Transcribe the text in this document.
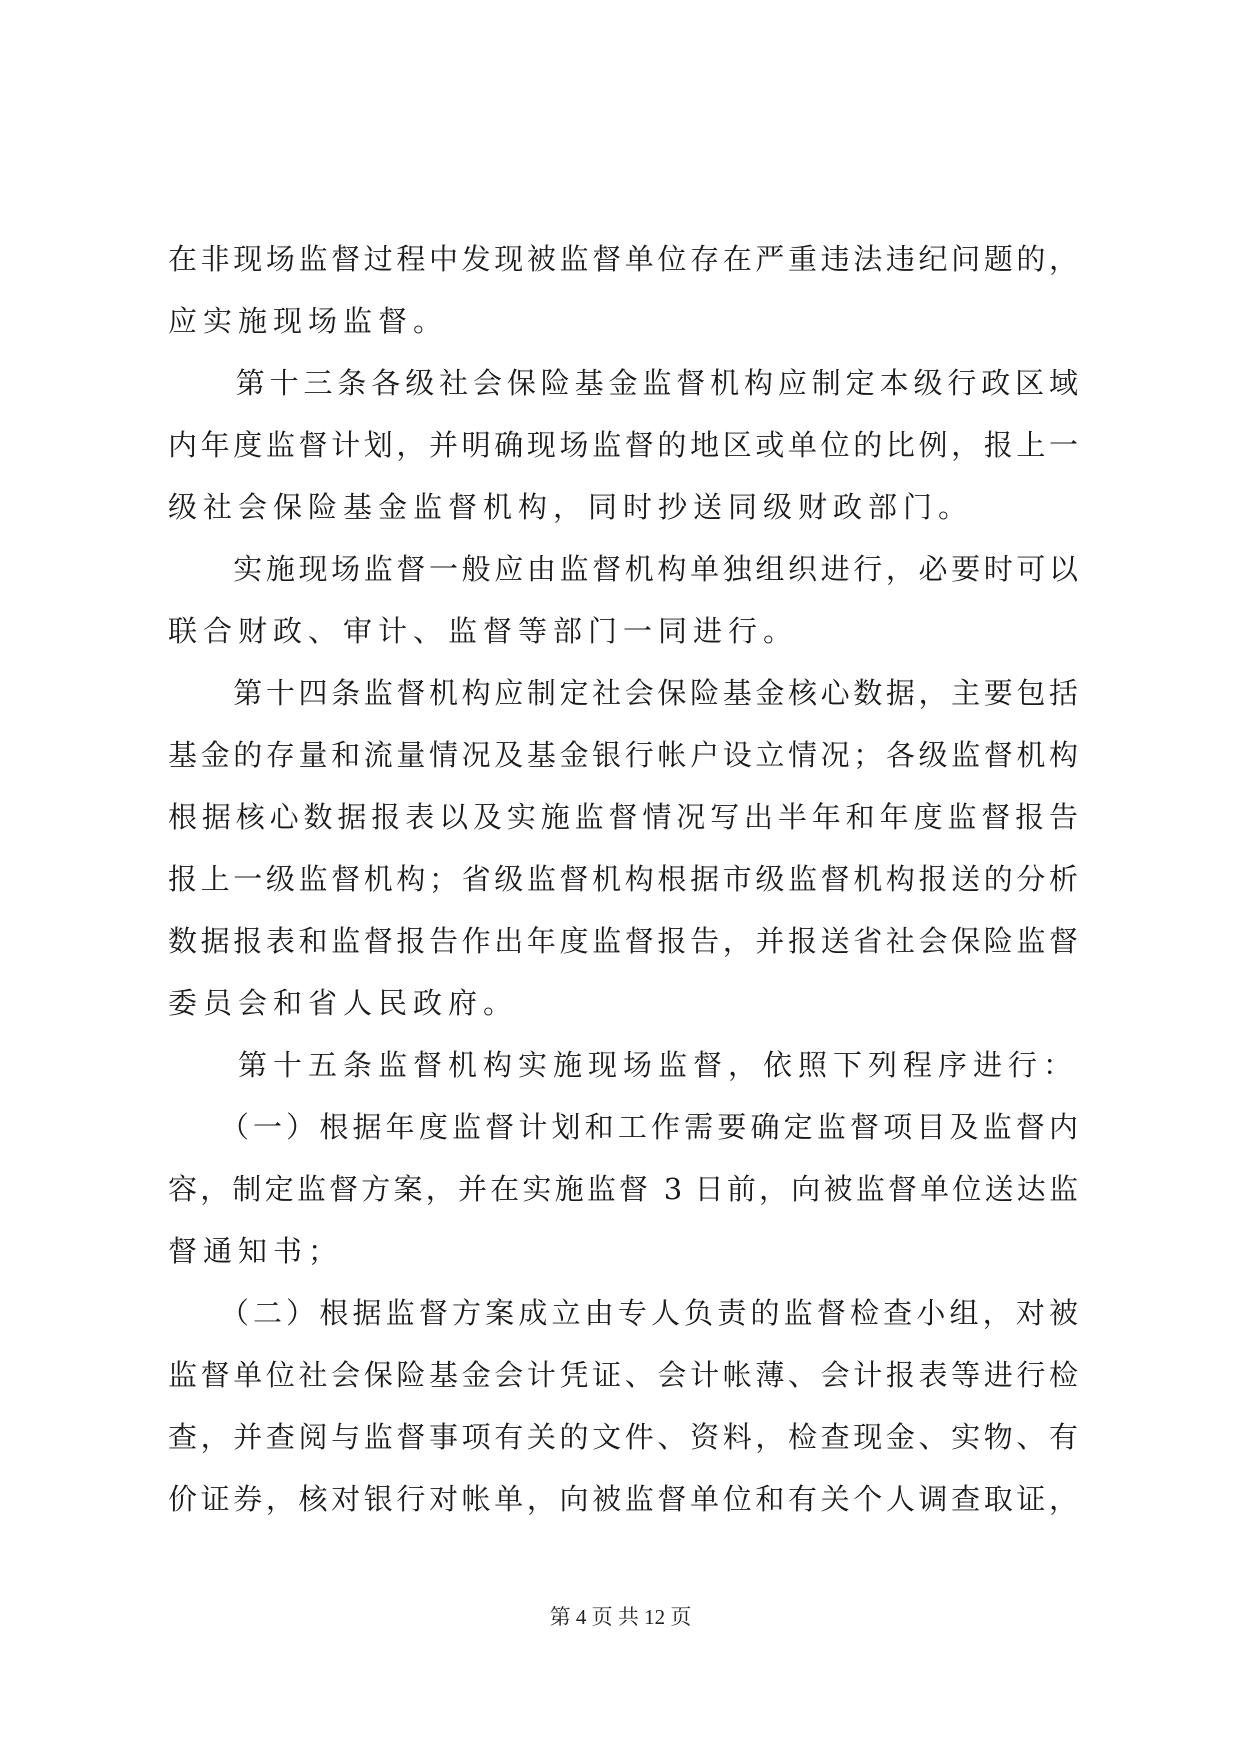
在非现场监督过程中发现被监督单位存在严重违法违纪问题的，
应实施现场监督。
　　第十三条各级社会保险基金监督机构应制定本级行政区域
内年度监督计划，并明确现场监督的地区或单位的比例，报上一
级社会保险基金监督机构，同时抄送同级财政部门。
　　实施现场监督一般应由监督机构单独组织进行，必要时可以
联合财政、审计、监督等部门一同进行。
　　第十四条监督机构应制定社会保险基金核心数据，主要包括
基金的存量和流量情况及基金银行帐户设立情况；各级监督机构
根据核心数据报表以及实施监督情况写出半年和年度监督报告
报上一级监督机构；省级监督机构根据市级监督机构报送的分析
数据报表和监督报告作出年度监督报告，并报送省社会保险监督
委员会和省人民政府。
　　第十五条监督机构实施现场监督，依照下列程序进行：
　　（一）根据年度监督计划和工作需要确定监督项目及监督内
容，制定监督方案，并在实施监督 3 日前，向被监督单位送达监
督通知书；
　　（二）根据监督方案成立由专人负责的监督检查小组，对被
监督单位社会保险基金会计凭证、会计帐薄、会计报表等进行检
查，并查阅与监督事项有关的文件、资料，检查现金、实物、有
价证券，核对银行对帐单，向被监督单位和有关个人调查取证，
第 4 页 共 12 页
